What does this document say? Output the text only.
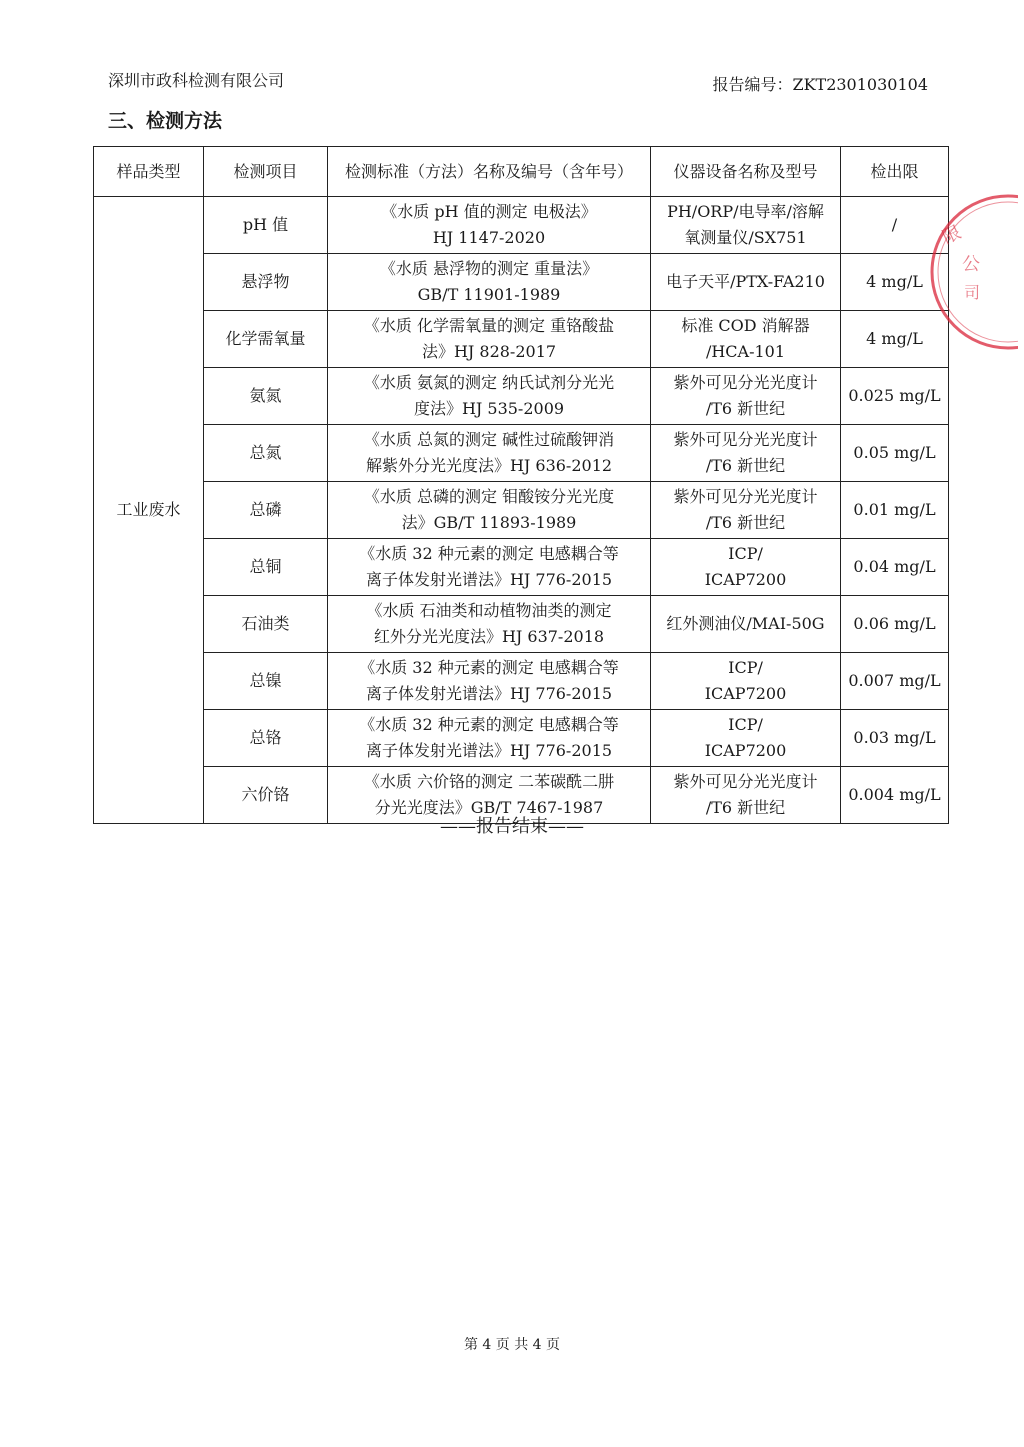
深圳市政科检测有限公司	报告编号：ZKT2301030104
三、检测方法
样品类型	检测项目	检测标准（方法）名称及编号（含年号）	仪器设备名称及型号	检出限
工业废水	pH 值	《水质 pH 值的测定 电极法》
HJ 1147-2020	PH/ORP/电导率/溶解
氧测量仪/SX751	/
	悬浮物	《水质 悬浮物的测定 重量法》
GB/T 11901-1989	电子天平/PTX-FA210	4 mg/L
	化学需氧量	《水质 化学需氧量的测定 重铬酸盐
法》HJ 828-2017	标准 COD 消解器
/HCA-101	4 mg/L
	氨氮	《水质 氨氮的测定 纳氏试剂分光光
度法》HJ 535-2009	紫外可见分光光度计
/T6 新世纪	0.025 mg/L
	总氮	《水质 总氮的测定 碱性过硫酸钾消
解紫外分光光度法》HJ 636-2012	紫外可见分光光度计
/T6 新世纪	0.05 mg/L
	总磷	《水质 总磷的测定 钼酸铵分光光度
法》GB/T 11893-1989	紫外可见分光光度计
/T6 新世纪	0.01 mg/L
	总铜	《水质 32 种元素的测定 电感耦合等
离子体发射光谱法》HJ 776-2015	ICP/
ICAP7200	0.04 mg/L
	石油类	《水质 石油类和动植物油类的测定
红外分光光度法》HJ 637-2018	红外测油仪/MAI-50G	0.06 mg/L
	总镍	《水质 32 种元素的测定 电感耦合等
离子体发射光谱法》HJ 776-2015	ICP/
ICAP7200	0.007 mg/L
	总铬	《水质 32 种元素的测定 电感耦合等
离子体发射光谱法》HJ 776-2015	ICP/
ICAP7200	0.03 mg/L
	六价铬	《水质 六价铬的测定 二苯碳酰二肼
分光光度法》GB/T 7467-1987	紫外可见分光光度计
/T6 新世纪	0.004 mg/L
——报告结束——
第 4 页 共 4 页
限
公
司
